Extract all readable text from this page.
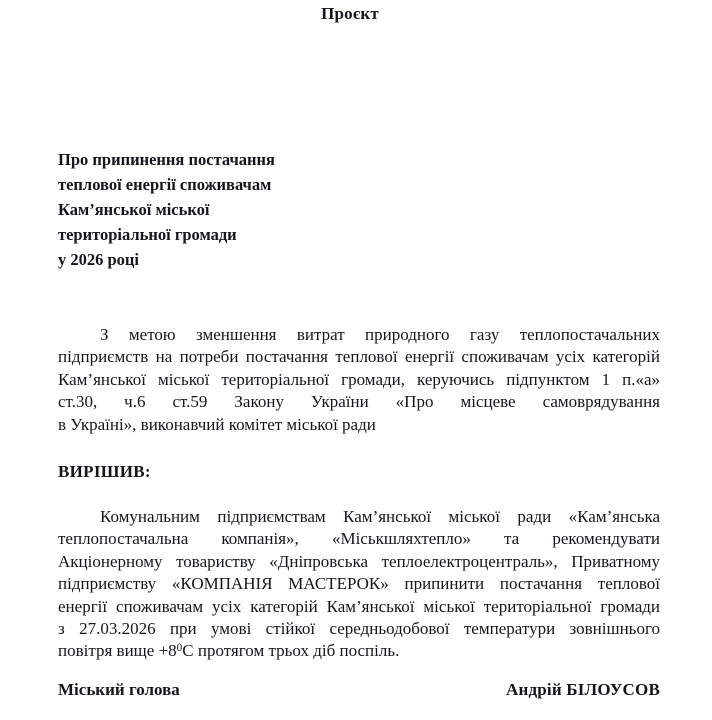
Проєкт
Про припинення постачання
теплової енергії споживачам
Кам’янської міської
територіальної громади
у 2026 році
З метою зменшення витрат природного газу теплопостачальних
підприємств на потреби постачання теплової енергії споживачам усіх категорій
Кам’янської міської територіальної громади, керуючись підпунктом 1 п.«а»
ст.30, ч.6 ст.59 Закону України «Про місцеве самоврядування
в Україні», виконавчий комітет міської ради
ВИРІШИВ:
Комунальним підприємствам Кам’янської міської ради «Кам’янська
теплопостачальна компанія», «Міськшляхтепло» та рекомендувати
Акціонерному товариству «Дніпровська теплоелектроцентраль», Приватному
підприємству «КОМПАНІЯ МАСТЕРОК» припинити постачання теплової
енергії споживачам усіх категорій Кам’янської міської територіальної громади
з 27.03.2026 при умові стійкої середньодобової температури зовнішнього
повітря вище $+8^0С$ протягом трьох діб поспіль.
Міський голова	Андрій БІЛОУСОВ
